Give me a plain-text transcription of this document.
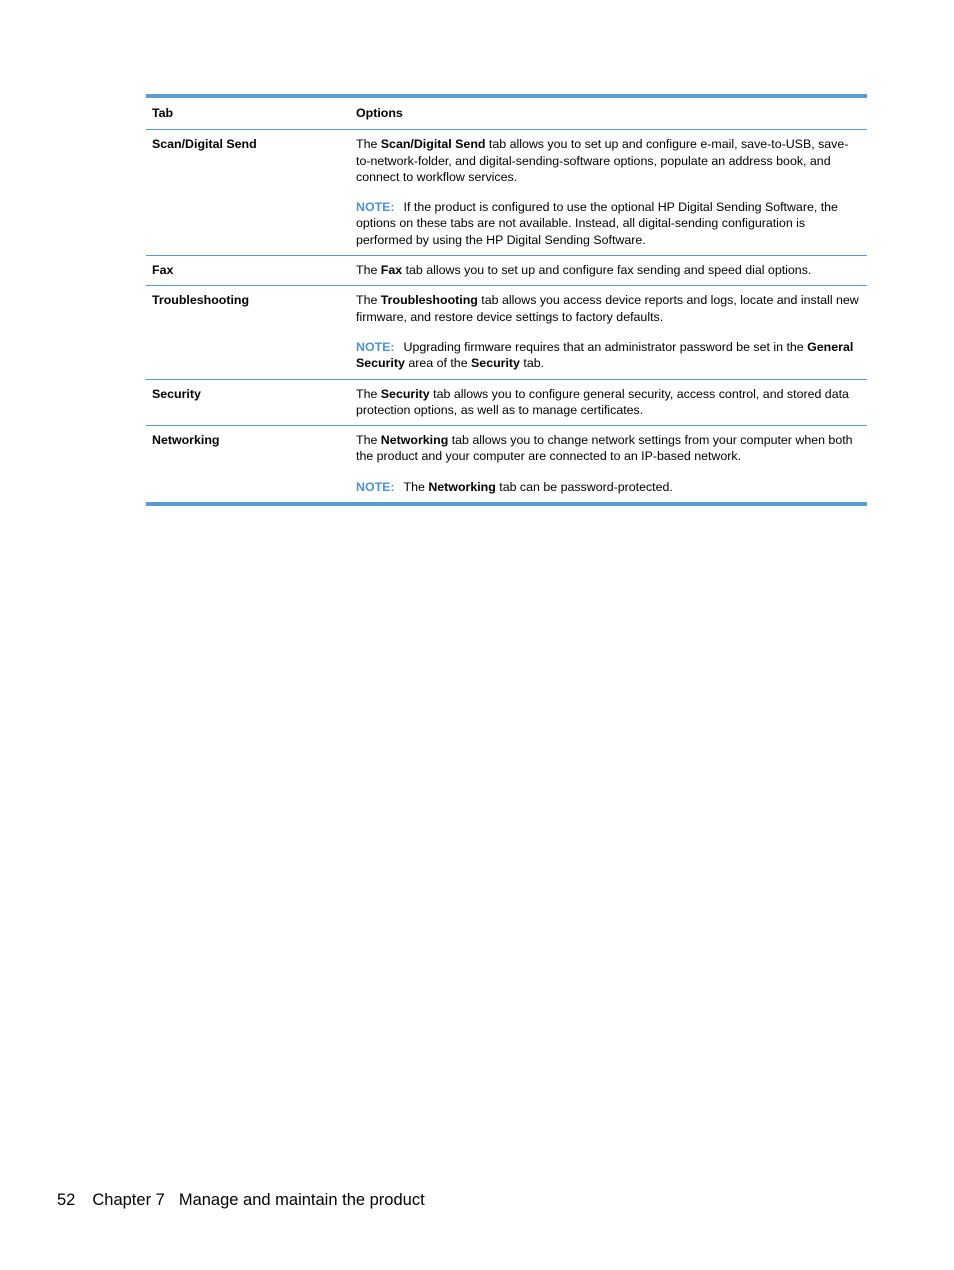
Tab	Options
Scan/Digital Send	The Scan/Digital Send tab allows you to set up and configure e-mail, save-to-USB, save-to-network-folder, and digital-sending-software options, populate an address book, and connect to workflow services.

NOTE: If the product is configured to use the optional HP Digital Sending Software, the options on these tabs are not available. Instead, all digital-sending configuration is performed by using the HP Digital Sending Software.

Fax	The Fax tab allows you to set up and configure fax sending and speed dial options.

Troubleshooting	The Troubleshooting tab allows you access device reports and logs, locate and install new firmware, and restore device settings to factory defaults.

NOTE: Upgrading firmware requires that an administrator password be set in the General Security area of the Security tab.

Security	The Security tab allows you to configure general security, access control, and stored data protection options, as well as to manage certificates.

Networking	The Networking tab allows you to change network settings from your computer when both the product and your computer are connected to an IP-based network.

NOTE: The Networking tab can be password-protected.

52 Chapter 7 Manage and maintain the product
